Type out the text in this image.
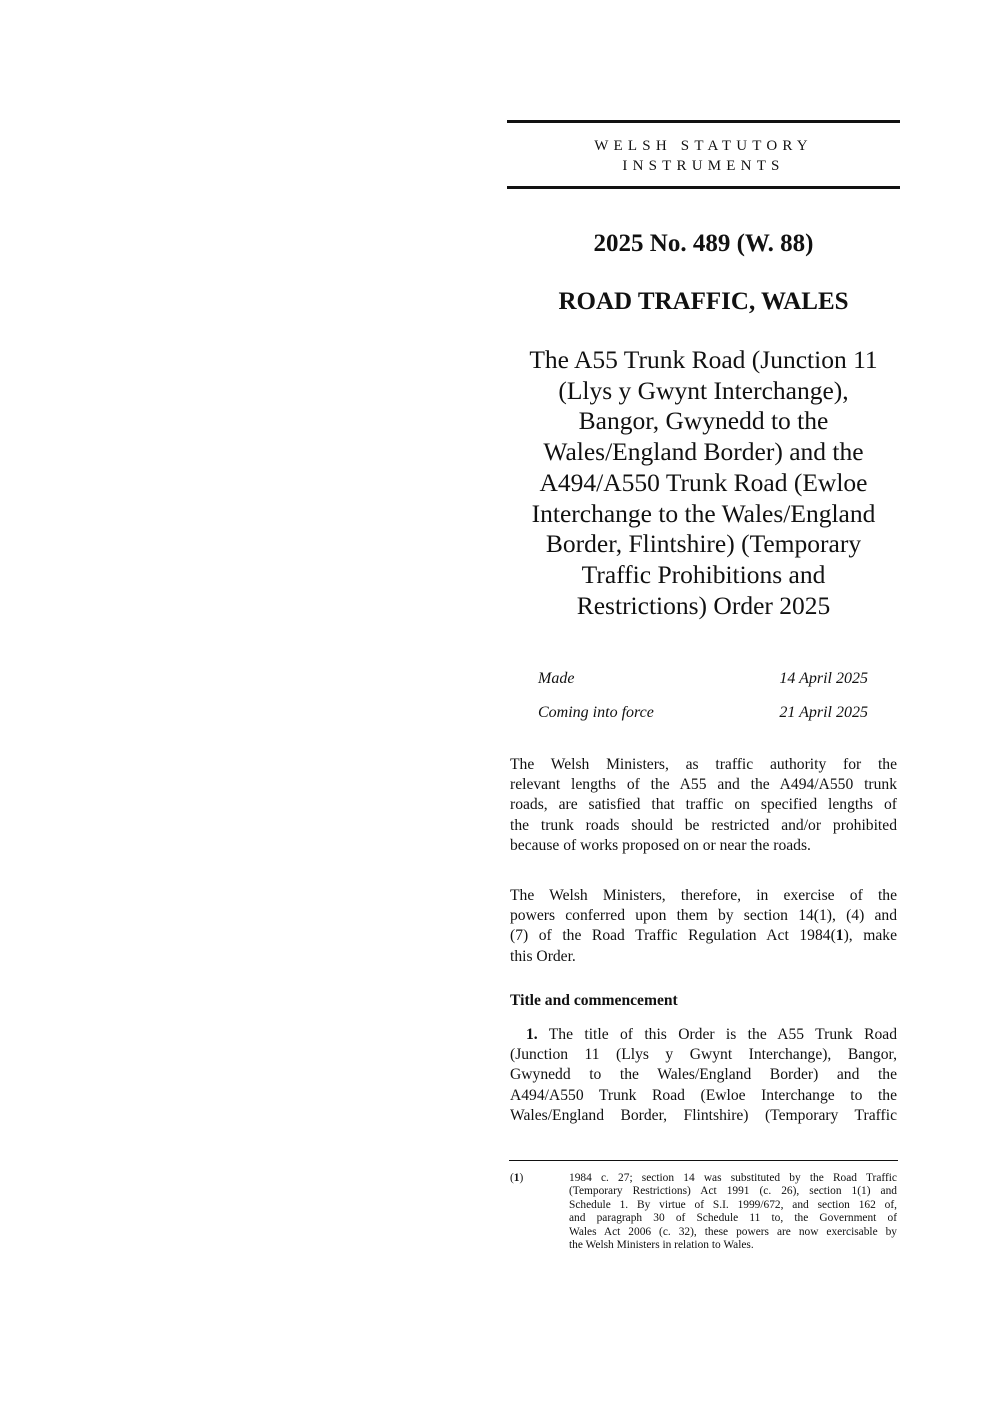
WELSH STATUTORY
INSTRUMENTS
2025 No. 489 (W. 88)
ROAD TRAFFIC, WALES
The A55 Trunk Road (Junction 11
(Llys y Gwynt Interchange),
Bangor, Gwynedd to the
Wales/England Border) and the
A494/A550 Trunk Road (Ewloe
Interchange to the Wales/England
Border, Flintshire) (Temporary
Traffic Prohibitions and
Restrictions) Order 2025
Made	14 April 2025
Coming into force	21 April 2025
The Welsh Ministers, as traffic authority for the
relevant lengths of the A55 and the A494/A550 trunk
roads, are satisfied that traffic on specified lengths of
the trunk roads should be restricted and/or prohibited
because of works proposed on or near the roads.
The Welsh Ministers, therefore, in exercise of the
powers conferred upon them by section 14(1), (4) and
(7) of the Road Traffic Regulation Act 1984(1), make
this Order.
Title and commencement
1. The title of this Order is the A55 Trunk Road
(Junction 11 (Llys y Gwynt Interchange), Bangor,
Gwynedd to the Wales/England Border) and the
A494/A550 Trunk Road (Ewloe Interchange to the
Wales/England Border, Flintshire) (Temporary Traffic
(1)	1984 c. 27; section 14 was substituted by the Road Traffic
(Temporary Restrictions) Act 1991 (c. 26), section 1(1) and
Schedule 1. By virtue of S.I. 1999/672, and section 162 of,
and paragraph 30 of Schedule 11 to, the Government of
Wales Act 2006 (c. 32), these powers are now exercisable by
the Welsh Ministers in relation to Wales.
